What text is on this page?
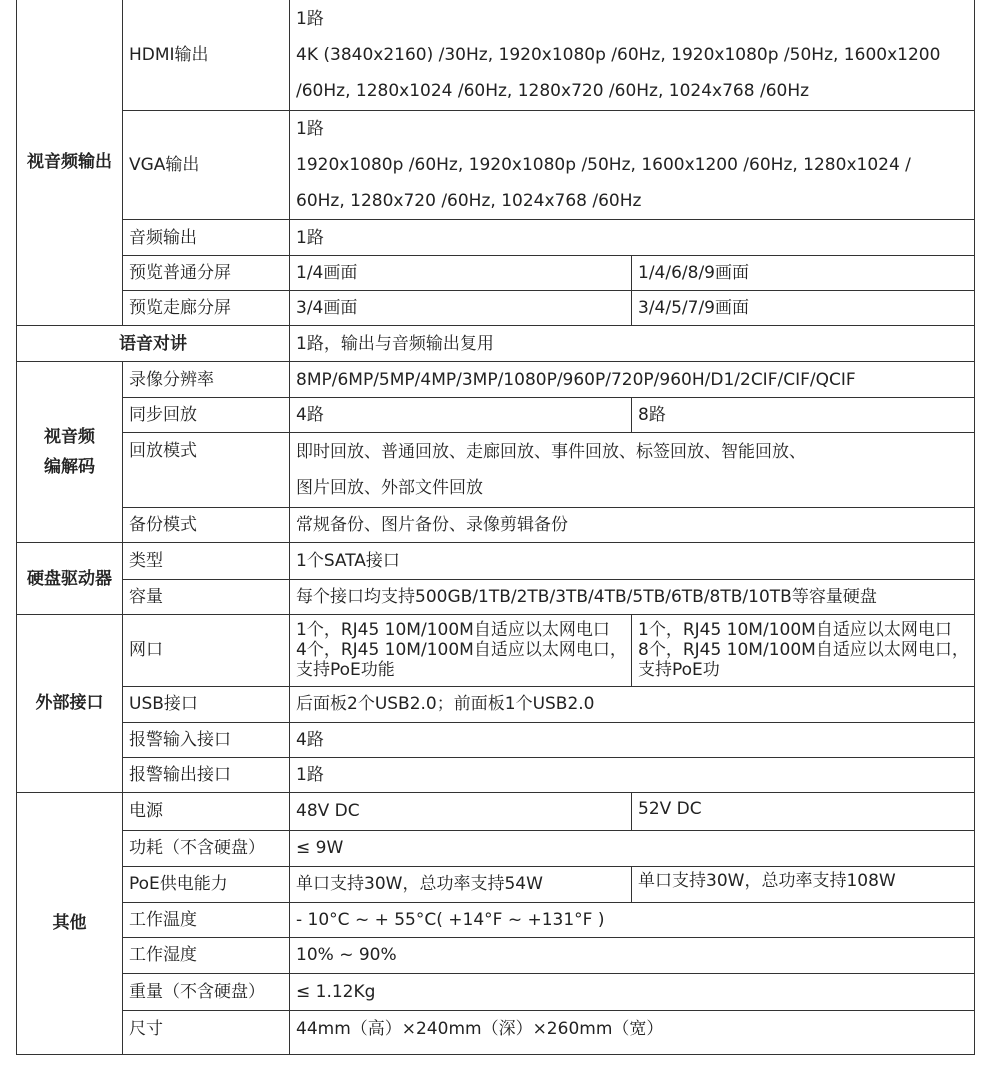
视音频输出	HDMI输出	1路
4K (3840x2160) /30Hz, 1920x1080p /60Hz, 1920x1080p /50Hz, 1600x1200
/60Hz, 1280x1024 /60Hz, 1280x720 /60Hz, 1024x768 /60Hz	

	VGA输出	1路
1920x1080p /60Hz, 1920x1080p /50Hz, 1600x1200 /60Hz, 1280x1024 /
60Hz, 1280x720 /60Hz, 1024x768 /60Hz	

	音频输出	1路	
	预览普通分屏	1/4画面	1/4/6/8/9画面
	预览走廊分屏	3/4画面	3/4/5/7/9画面
语音对讲		1路，输出与音频输出复用	

视音频
编解码	录像分辨率	8MP/6MP/5MP/4MP/3MP/1080P/960P/720P/960H/D1/2CIF/CIF/QCIF	
	同步回放	4路	8路
	回放模式	即时回放、普通回放、走廊回放、事件回放、标签回放、智能回放、
图片回放、外部文件回放	

	备份模式	常规备份、图片备份、录像剪辑备份	
硬盘驱动器	类型	1个SATA接口	
	容量	每个接口均支持500GB/1TB/2TB/3TB/4TB/5TB/6TB/8TB/10TB等容量硬盘	
外部接口	网口	1个，RJ45 10M/100M自适应以太网电口
4个，RJ45 10M/100M自适应以太网电口，
支持PoE功能	1个，RJ45 10M/100M自适应以太网电口
8个，RJ45 10M/100M自适应以太网电口，
支持PoE功

	USB接口	后面板2个USB2.0；前面板1个USB2.0	
	报警输入接口	4路	
	报警输出接口	1路	
其他	电源	48V DC	52V DC
	功耗（不含硬盘）	≤ 9W	
	PoE供电能力	单口支持30W，总功率支持54W	单口支持30W，总功率支持108W
	工作温度	- 10°C ~ + 55°C( +14°F ~ +131°F )	
	工作湿度	10% ~ 90%	
	重量（不含硬盘）	≤ 1.12Kg	
	尺寸	44mm（高）×240mm（深）×260mm（宽）	
